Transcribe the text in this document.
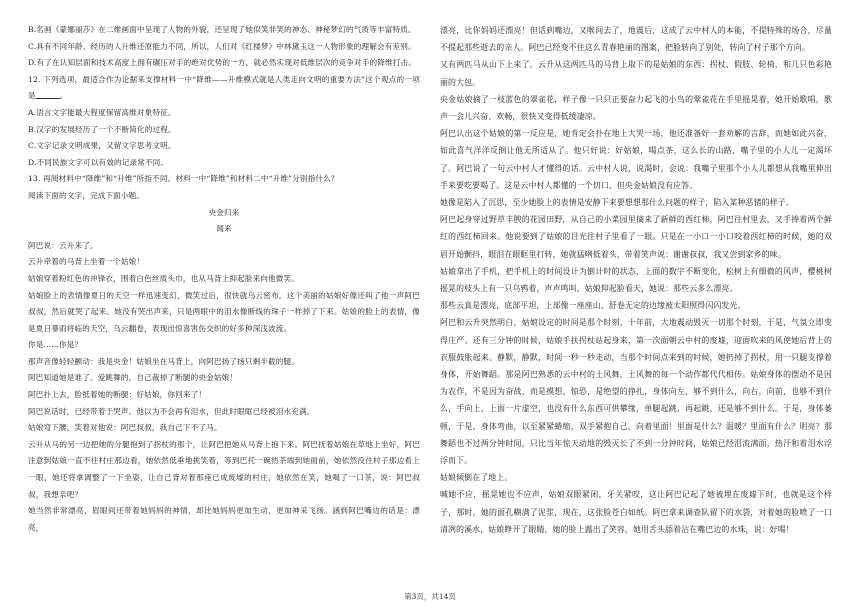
B.名画《蒙娜丽莎》在二维画面中呈现了人物的外貌，还呈现了她似笑非笑的神态、神秘梦幻的气质等丰富特质。

C.具有不同年龄、经历的人升维还原能力不同，所以，人们对《红楼梦》中林黛玉这一人物形象的理解会有差别。

D.有了在认知层面和技术高度上拥有碾压对手的绝对优势的一方，就必然实现对低维层次的竞争对手的降维打击。

12. 下列选项，最适合作为论据来支撑材料一中“降维——升维模式就是人类走向文明的重要方法”这个观点的一项是	。

A.语言文字能最大程度保留高维对象特征。

B.汉字的发展经历了一个不断简化的过程。

C.文字记录文明成果，又留文字思考文明。

D.不同民族文字可以有效的记录常不同。

13. 再阅材料中“降维”和“升维”所指不同。材料一中“降维”和材料二中“升维”分别指什么？

阅读下面的文字，完成下面小题。

央金归来

闻来

阿巴说：云升来了。

云升牵着的马背上坐着一个姑娘！

姑娘穿着粉红色的冲锋衣，围着白色丝质头巾，也从马背上抑起脸来向他微笑。

姑娘脸上的表情像夏日的天空一样迅速变幻，微笑过后，很快就乌云密布。这个美丽的姑娘好像还叫了他一声阿巴叔叔，然后就哭了起来。她没有哭出声来，只是两眼中的泪水像断线的珠子一样掉了下来。姑娘的脸上的表情，像是夏日暴雨将临的天空，乌云翻卷，表现出惊喜害伤交织的好多种深浅波流。

你是……你是？

那声音像轻轻颤动：我是央金！姑娘坐在马背上，向阿巴扬了扬只剩半截的腿。

阿巴知道她是谁了。爱跳舞的，自己裁掉了断腿的央金姑娘！

阿巴扑上去，脸抵着她的断腿：好姑娘，你回来了！

阿巴说话时，已经带着于哭声。他以为不会再有泪水，但此时眼眶已经被泪水充满。

姑娘弯下腰，笑着对他说：阿巴叔叔，我自己下不了马。

云升从马的另一边把她的分腿抱到了拐杖的那个，让阿巴把她从马背上抱下来。阿巴抚着姑娘在草地上坐好，阿巴注意到姑娘一直不往村庄那边看，她依然低垂地挑笑着，等到巴托一碗热茶端到她面前，她依然没往村子那边看上一眼，她还将拿调整了一下坐姿，让自己背对着那座已成废墟的村庄，她依然在笑，她喝了一口茶，说：阿巴叔叔，我想亲吧？

她当然非常漂亮，眉眼间还带着她妈妈的神情，却比她妈妈更加生动，更加神采飞扬。涵到阿巴嘴边的话是：漂亮，

漂亮，比你妈妈还漂亮！但话到嘴边，又喉间去了，地震后，这成了云中村人的本能，不提特殊的场合，尽量不提起那些逝去的亲人。阿巴已经变不住这么青春艳丽的图案，把脸转向了别处，转向了村子那个方向。

又有两匹马从山下上来了。云升从这两匹马的马背上取下的是姑娘的东西：拐杖、假肢、轮椅，和几只色彩艳丽的大包。

央金姑娘摘了一枝蓝色的翠雀花，样子像一只只正要奋力起飞的小鸟的翠雀花在手里摇晃着，她开始歌唱，歌声一会儿兴奋、欢畅，很快又变得低缓凄凉。

阿巴认出这个姑娘的第一反应是，她肯定会扑在地上大哭一场，他还准备好一套劝解的言辞，而她如此兴奋，如此喜气洋洋反倒让他无所适从了。他只好说：好姑娘，喝点茶，这么长的山路，嘴子里的小人儿一定渴坏了。阿巴说了一句云中村人才懂得的话。云中村人说，说渴时，会说：我嘴子里那个小人儿都想从我嘴里伸出手来要吃要喝了。这是云中村人都懂的一个切口，但央金姑娘没有应答。

她像是陷入了沉思，至少她脸上的表情是安静下来要想想那什么问题的样子，陷入某种恶猪的样子。

阿巴起身穿过野草丰腴的花园田野，从自己的小菜园里摘来了新鲜的西红柿，阿巴往村里去，又手捧着两个鲜红的西红柿回来。他说要到了姑娘的目光往村子里看了一眼。只是在一小口一小口咬着西红柿的时候，她的双眉开始颤抖，眼泪在眼眶里打转，她就猛咧低着头，带着笑声说：谢谢叔叔，我又尝到家乡的味。

姑娘拿出了手机，把手机上的时间设计为倒计时的状态，上面的数字不断变化，松树上有细微的风声，樱桃树摇晃的枝头上有一只乌鸦着，声声鸣叫，姑娘仰起脸看天，她说：那些云多么漂亮。

那些云真是漂亮，底部平坦，上部像一座座山，舒卷无定的边缘被太阳照得闪闪发光。

阿巴和云升突然明白，姑娘设定的时间是那个时刻，十年前，大地震动毁灭一切那个时刻，于是，气氛立即变得庄严。还有三分钟的时候，姑娘手扶拐杖站起身来，第一次面朝云中村的废墟，迎面吹来的风使她后背上的衣服鼓胀起来。静默，静默，时间一秒一秒走动，当那个时间点来到的时候，她扔掉了拐杖，用一只腿支撑着身体，开始舞蹈。那是阿巴熟悉的云中村的土风舞，土风舞的每一个动作都代代相传。姑娘身体的摆动不是因为农作，不是因为奋战，而是摸想、惊恐，是绝望的挣扎，身体向左，够不到什么，向右，向前，也够不到什么，手向上，上面一片虚空，也没有什么东西可供攀缘，单腿起跳，再起跳，还是够不到什么。于是，身体萎顿，于是，身体弯曲，以至紧紧蜷缩，双手紧抱自己，向着里面！里面是什么？温暖？里面有什么？明亮？那舞蹈也不过两分钟时间，只比当年惊天动地的毁灭长了不到一分钟时间，姑娘已经泪流满面，热汗和着泪水浮浮而下。

姑娘倾倒在了地上。

喊她不应，摇晃她也不应声，姑娘双眼紧闭，牙关紧咬，这让阿巴记起了她被埋在废墟下时，也就是这个样子，那时，她的面孔糊满了泥浆，现在，这张脸苍白如纸。阿巴拿来调查队留下的水袋，对着她的脸喷了一口清冽的溪水，姑娘睁开了眼睛，她的脸上露出了笑容，她用舌头舔着沾在嘴巴边的水珠，说：好喝！

第3页，共14页
